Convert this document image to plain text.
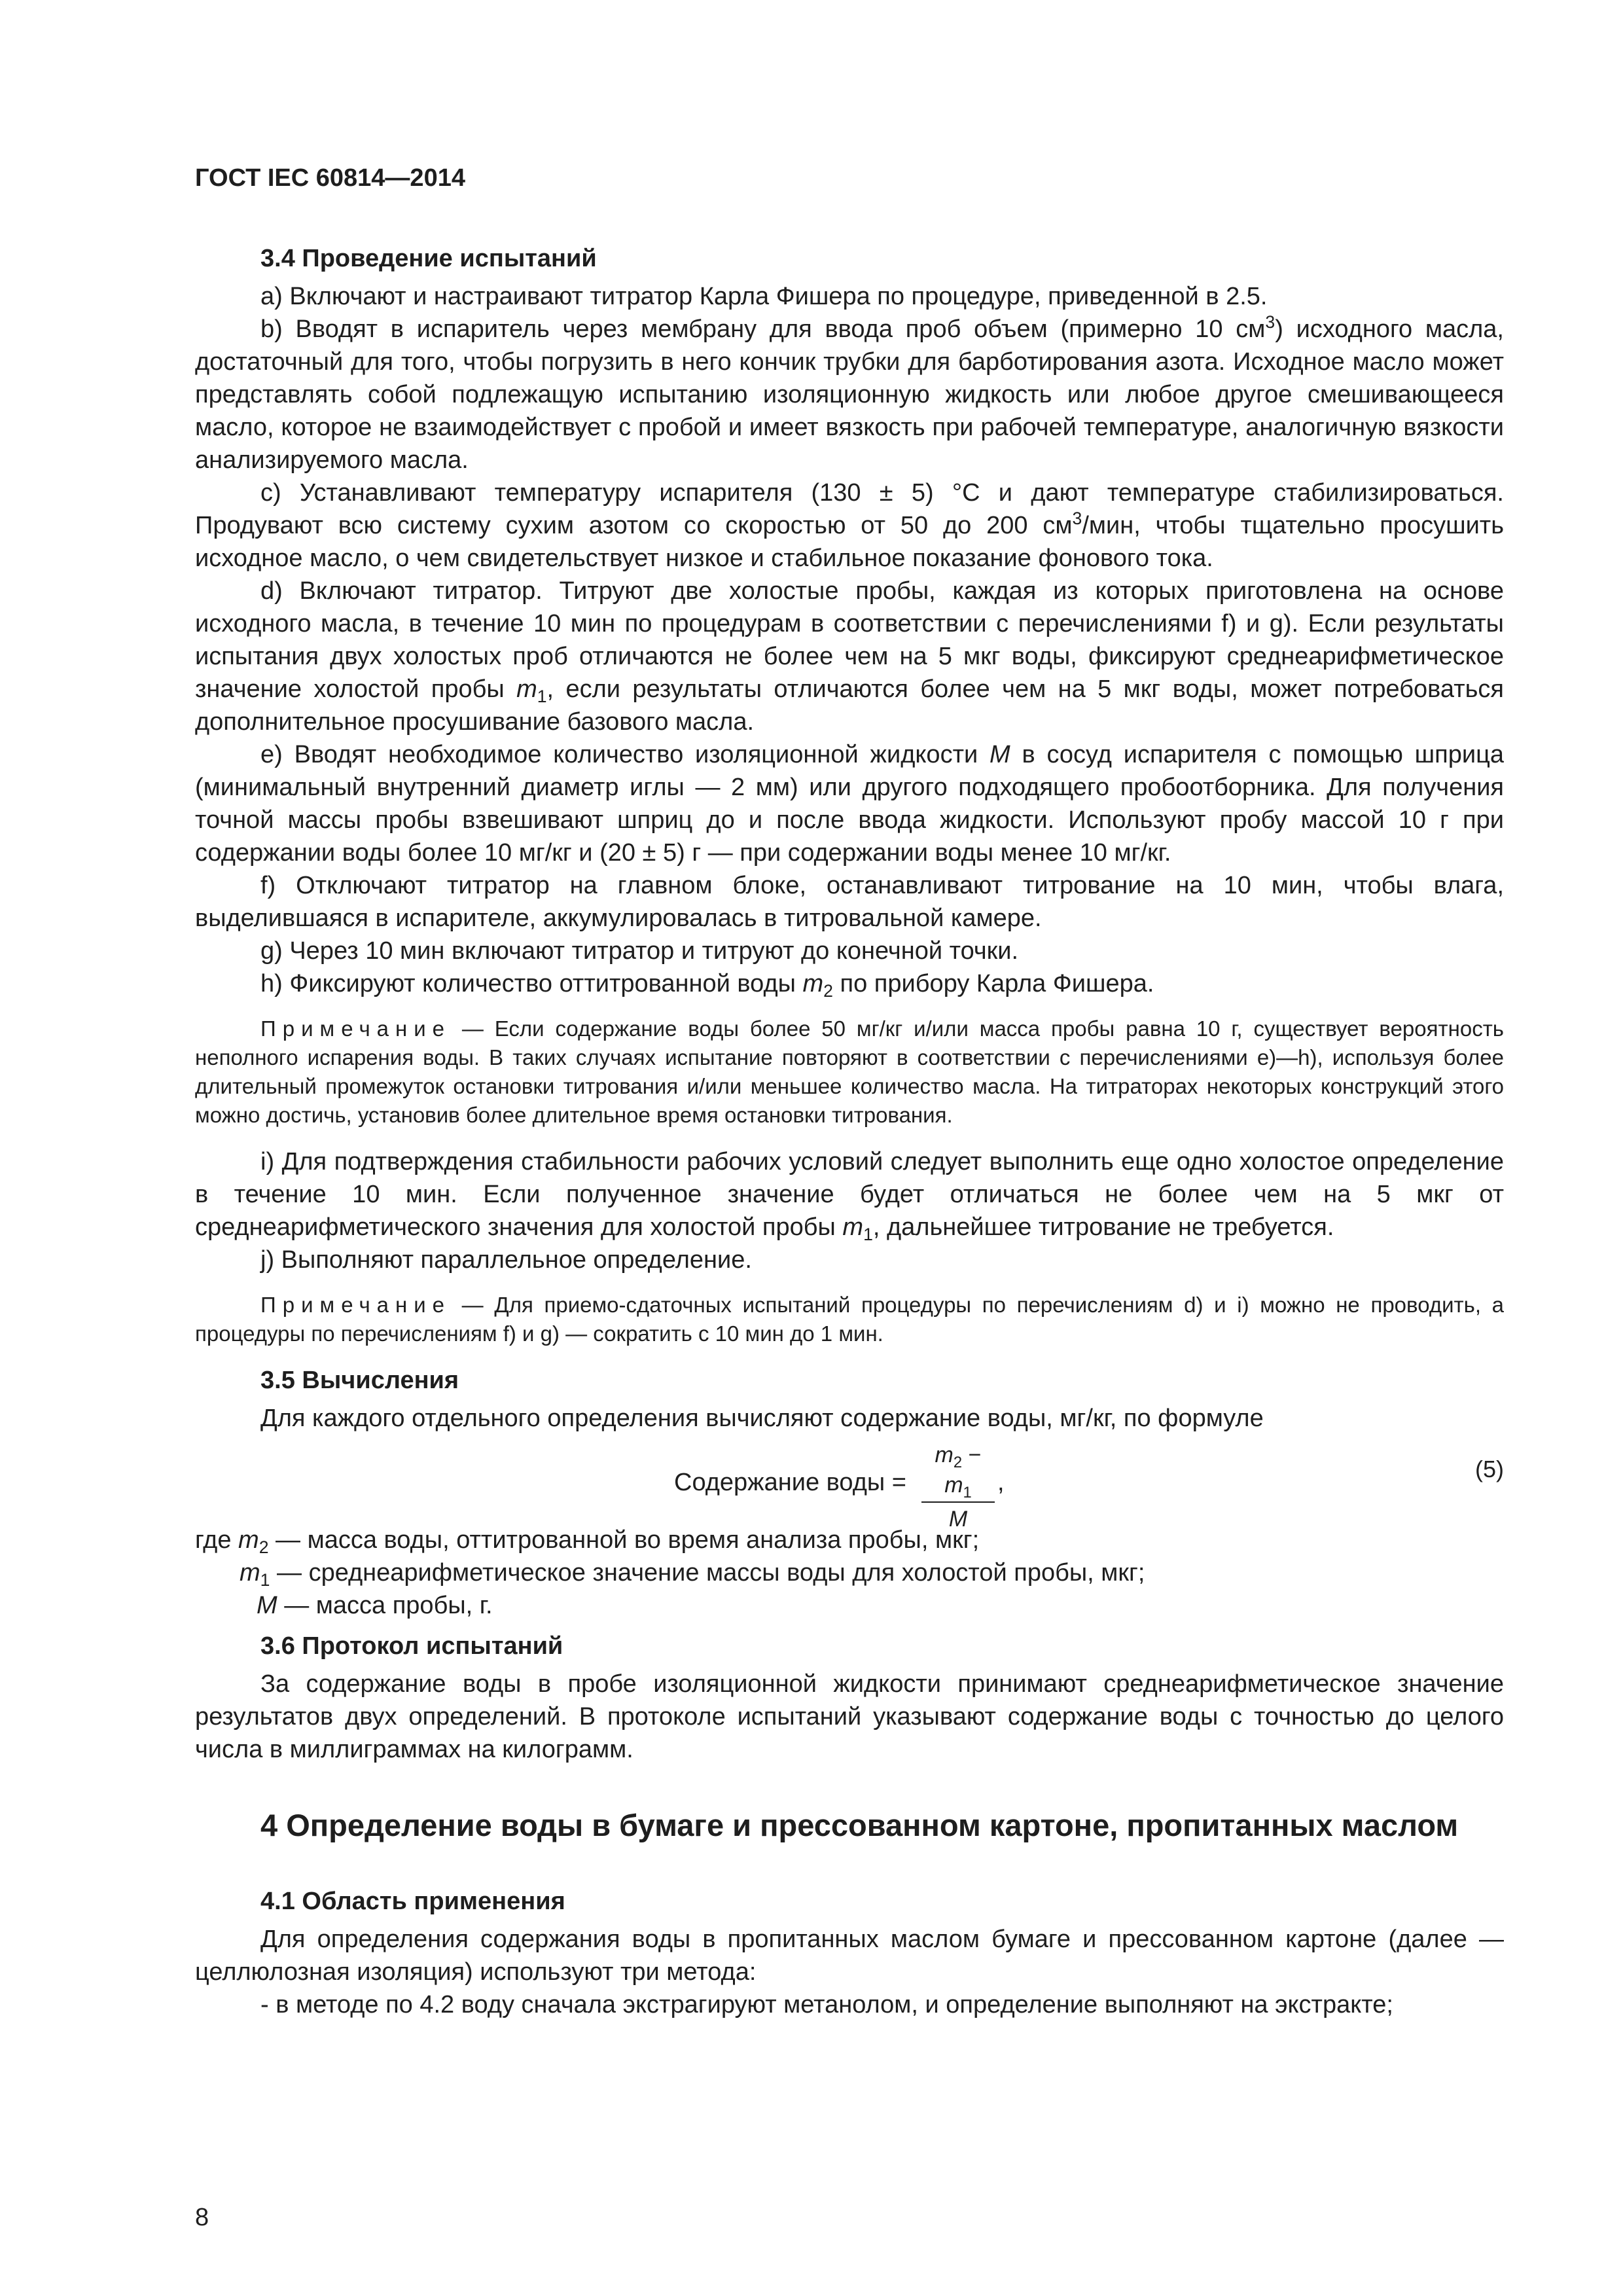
ГОСТ IEC 60814—2014
3.4 Проведение испытаний

a) Включают и настраивают титратор Карла Фишера по процедуре, приведенной в 2.5.

b) Вводят в испаритель через мембрану для ввода проб объем (примерно 10 $см^3$) исходного масла, достаточный для того, чтобы погрузить в него кончик трубки для барботирования азота. Исходное масло может представлять собой подлежащую испытанию изоляционную жидкость или любое другое смешивающееся масло, которое не взаимодействует с пробой и имеет вязкость при рабочей температуре, аналогичную вязкости анализируемого масла.

c) Устанавливают температуру испарителя (130 ± 5) °С и дают температуре стабилизироваться. Продувают всю систему сухим азотом со скоростью от 50 до 200 $см^3$/мин, чтобы тщательно просушить исходное масло, о чем свидетельствует низкое и стабильное показание фонового тока.

d) Включают титратор. Титруют две холостые пробы, каждая из которых приготовлена на основе исходного масла, в течение 10 мин по процедурам в соответствии с перечислениями f) и g). Если результаты испытания двух холостых проб отличаются не более чем на 5 мкг воды, фиксируют среднеарифметическое значение холостой пробы $m_1$, если результаты отличаются более чем на 5 мкг воды, может потребоваться дополнительное просушивание базового масла.

e) Вводят необходимое количество изоляционной жидкости M в сосуд испарителя с помощью шприца (минимальный внутренний диаметр иглы — 2 мм) или другого подходящего пробоотборника. Для получения точной массы пробы взвешивают шприц до и после ввода жидкости. Используют пробу массой 10 г при содержании воды более 10 мг/кг и (20 ± 5) г — при содержании воды менее 10 мг/кг.

f) Отключают титратор на главном блоке, останавливают титрование на 10 мин, чтобы влага, выделившаяся в испарителе, аккумулировалась в титровальной камере.

g) Через 10 мин включают титратор и титруют до конечной точки.

h) Фиксируют количество оттитрованной воды $m_2$ по прибору Карла Фишера.

Примечание — Если содержание воды более 50 мг/кг и/или масса пробы равна 10 г, существует вероятность неполного испарения воды. В таких случаях испытание повторяют в соответствии с перечислениями e)—h), используя более длительный промежуток остановки титрования и/или меньшее количество масла. На титраторах некоторых конструкций этого можно достичь, установив более длительное время остановки титрования.

i) Для подтверждения стабильности рабочих условий следует выполнить еще одно холостое определение в течение 10 мин. Если полученное значение будет отличаться не более чем на 5 мкг от среднеарифметического значения для холостой пробы $m_1$, дальнейшее титрование не требуется.

j) Выполняют параллельное определение.

Примечание — Для приемо-сдаточных испытаний процедуры по перечислениям d) и i) можно не проводить, а процедуры по перечислениям f) и g) — сократить с 10 мин до 1 мин.

3.5 Вычисления

Для каждого отдельного определения вычисляют содержание воды, мг/кг, по формуле

Содержание воды = $\frac{m_2 - m_1}{M}$ ,	(5)

где $m_2$ — масса воды, оттитрованной во время анализа пробы, мкг;

$m_1$ — среднеарифметическое значение массы воды для холостой пробы, мкг;

M — масса пробы, г.

3.6 Протокол испытаний

За содержание воды в пробе изоляционной жидкости принимают среднеарифметическое значение результатов двух определений. В протоколе испытаний указывают содержание воды с точностью до целого числа в миллиграммах на килограмм.

4 Определение воды в бумаге и прессованном картоне, пропитанных маслом
4.1 Область применения

Для определения содержания воды в пропитанных маслом бумаге и прессованном картоне (далее — целлюлозная изоляция) используют три метода:

- в методе по 4.2 воду сначала экстрагируют метанолом, и определение выполняют на экстракте;

8
